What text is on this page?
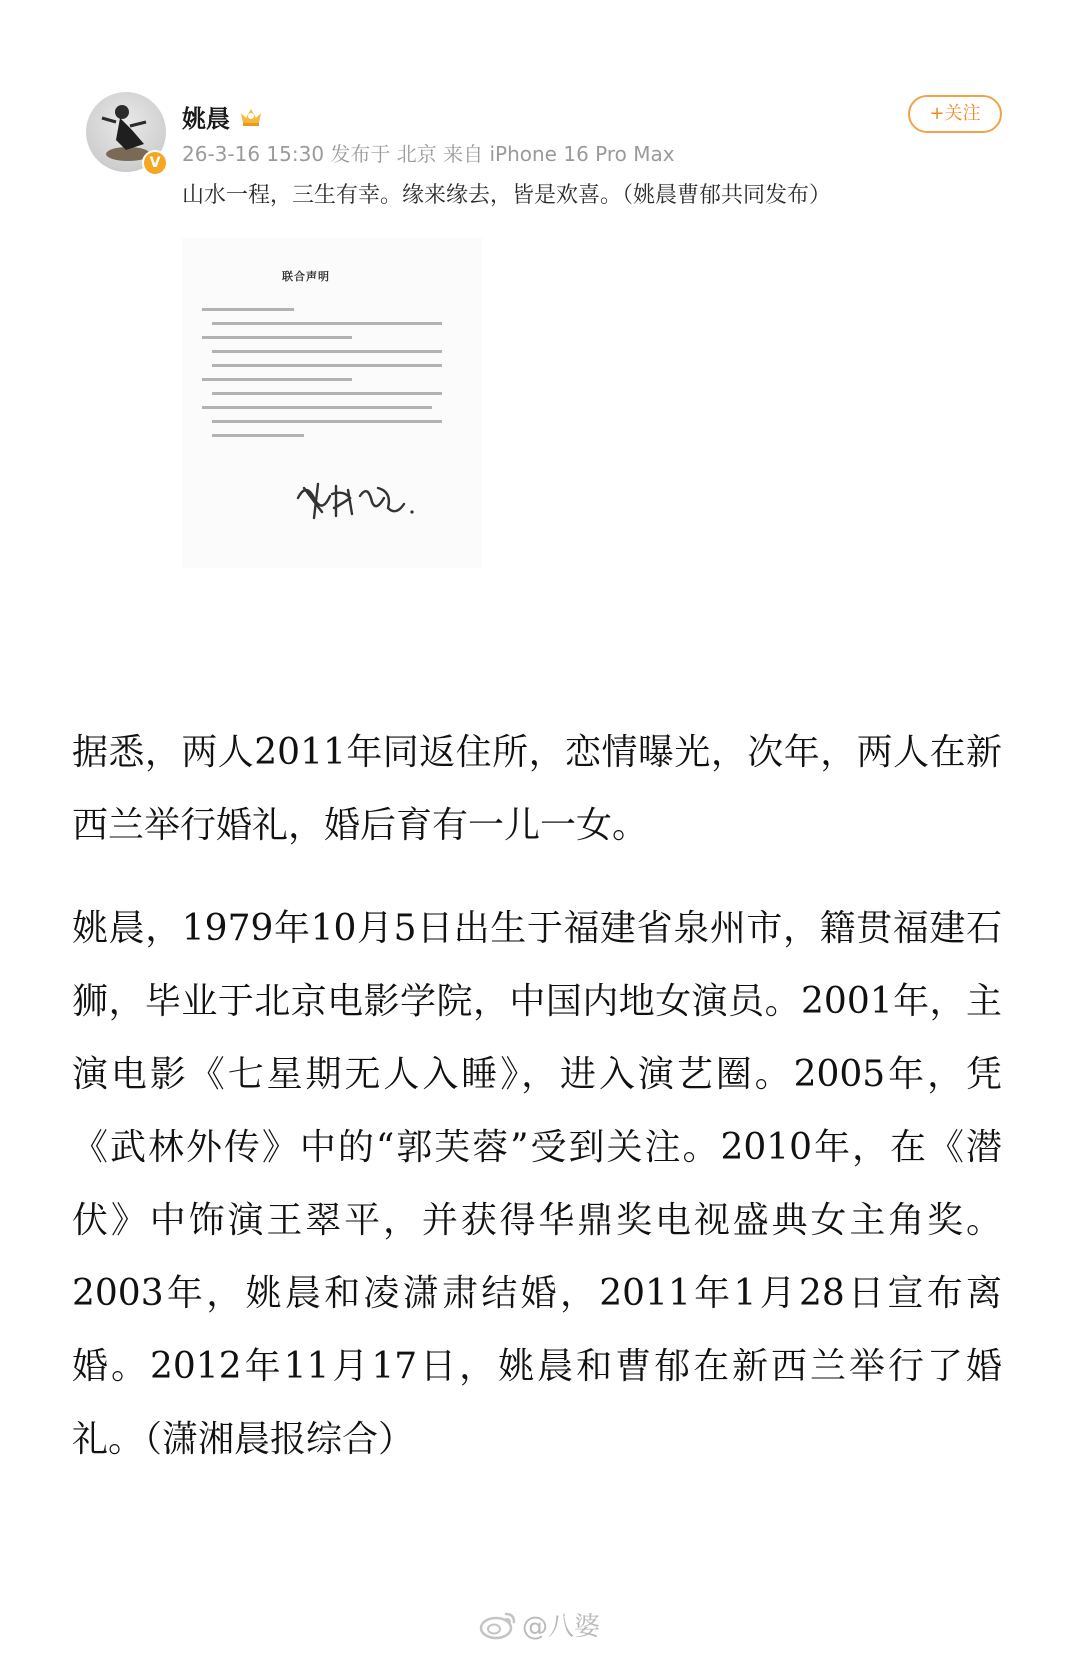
V
姚晨
26-3-16 15:30 发布于 北京 来自 iPhone 16 Pro Max
山水一程，三生有幸。缘来缘去，皆是欢喜。（姚晨曹郁共同发布）
+关注
联合声明

据悉，两人2011年同返住所，恋情曝光，次年，两人在新西兰举行婚礼，婚后育有一儿一女。

姚晨，1979年10月5日出生于福建省泉州市，籍贯福建石狮，毕业于北京电影学院，中国内地女演员。2001年，主演电影《七星期无人入睡》，进入演艺圈。2005年，凭《武林外传》中的“郭芙蓉”受到关注。2010年，在《潜伏》中饰演王翠平，并获得华鼎奖电视盛典女主角奖。2003年，姚晨和凌潇肃结婚，2011年1月28日宣布离婚。2012年11月17日，姚晨和曹郁在新西兰举行了婚礼。（潇湘晨报综合）

@八婆
